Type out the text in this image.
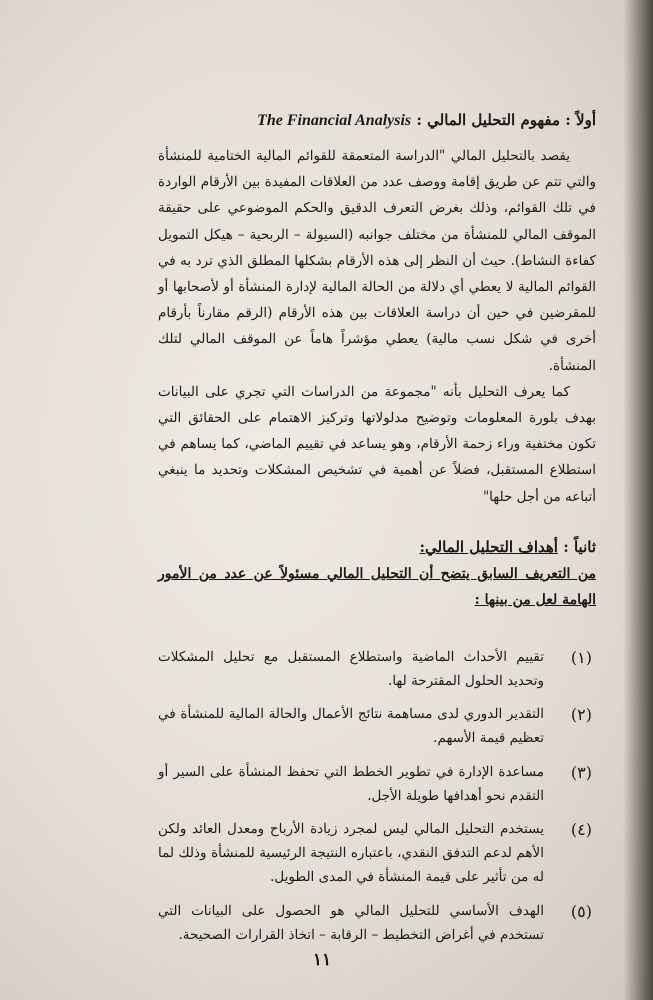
أولاً : مفهوم التحليل المالي : The Financial Analysis

يقصد بالتحليل المالي "الدراسة المتعمقة للقوائم المالية الختامية للمنشأة والتي تتم عن طريق إقامة ووصف عدد من العلاقات المفيدة بين الأرقام الواردة في تلك القوائم، وذلك بغرض التعرف الدقيق والحكم الموضوعي على حقيقة الموقف المالي للمنشأة من مختلف جوانبه (السيولة – الربحية – هيكل التمويل كفاءة النشاط). حيث أن النظر إلى هذه الأرقام بشكلها المطلق الذي ترد به في القوائم المالية لا يعطي أي دلالة من الحالة المالية لإدارة المنشأة أو لأصحابها أو للمقرضين في حين أن دراسة العلاقات بين هذه الأرقام (الرقم مقارناً بأرقام أخرى في شكل نسب مالية) يعطي مؤشراً هاماً عن الموقف المالي لتلك المنشأة.

كما يعرف التحليل بأنه "مجموعة من الدراسات التي تجري على البيانات بهدف بلورة المعلومات وتوضيح مدلولاتها وتركيز الاهتمام على الحقائق التي تكون مختفية وراء زحمة الأرقام، وهو يساعد في تقييم الماضي، كما يساهم في استطلاع المستقبل، فضلاً عن أهمية في تشخيص المشكلات وتحديد ما ينبغي أتباعه من أجل حلها"

ثانياً : أهداف التحليل المالي:

من التعريف السابق يتضح أن التحليل المالي مسئولاً عن عدد من الأمور الهامة لعل من بينها :

(١)
تقييم الأحداث الماضية واستطلاع المستقبل مع تحليل المشكلات وتحديد الحلول المقترحة لها.
(٢)
التقدير الدوري لدى مساهمة نتائج الأعمال والحالة المالية للمنشأة في تعظيم قيمة الأسهم.
(٣)
مساعدة الإدارة في تطوير الخطط التي تحفظ المنشأة على السير أو التقدم نحو أهدافها طويلة الأجل.
(٤)
يستخدم التحليل المالي ليس لمجرد زيادة الأرباح ومعدل العائد ولكن الأهم لدعم التدفق النقدي، باعتباره النتيجة الرئيسية للمنشأة وذلك لما له من تأثير على قيمة المنشأة في المدى الطويل.
(٥)
الهدف الأساسي للتحليل المالي هو الحصول على البيانات التي تستخدم في أغراض التخطيط – الرقابة – اتخاذ القرارات الصحيحة.
١١
